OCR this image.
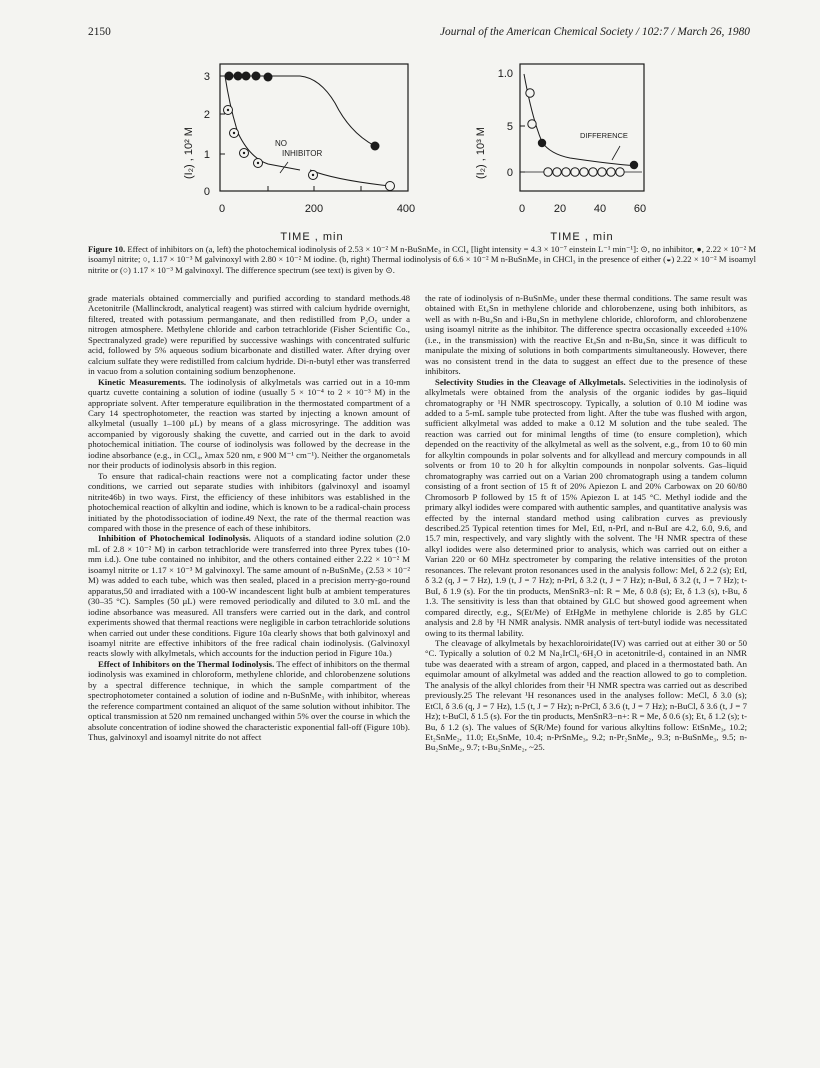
2150	Journal of the American Chemical Society / 102:7 / March 26, 1980
(I₂) , 10² M
3
2
1
0
0	200	400
TIME , min
NO
INHIBITOR	(I₂) , 10³ M
1.0
5
0
0	20	40	60
TIME , min
DIFFERENCE
Figure 10. Effect of inhibitors on (a, left) the photochemical iodinolysis of 2.53 × 10⁻² M n-BuSnMe₃ in CCl₄ [light intensity = 4.3 × 10⁻⁷ einstein L⁻¹ min⁻¹]: ⊙, no inhibitor, ●, 2.22 × 10⁻² M isoamyl nitrite; ○, 1.17 × 10⁻³ M galvinoxyl with 2.80 × 10⁻² M iodine. (b, right) Thermal iodinolysis of 6.6 × 10⁻² M n-BuSnMe₃ in CHCl₃ in the presence of either (◒) 2.22 × 10⁻² M isoamyl nitrite or (○) 1.17 × 10⁻³ M galvinoxyl. The difference spectrum (see text) is given by ⊙.

grade materials obtained commercially and purified according to standard methods.48 Acetonitrile (Mallinckrodt, analytical reagent) was stirred with calcium hydride overnight, filtered, treated with potassium permanganate, and then redistilled from P₂O₅ under a nitrogen atmosphere. Methylene chloride and carbon tetrachloride (Fisher Scientific Co., Spectranalyzed grade) were repurified by successive washings with concentrated sulfuric acid, followed by 5% aqueous sodium bicarbonate and distilled water. After drying over calcium sulfate they were redistilled from calcium hydride. Di-n-butyl ether was transferred in vacuo from a solution containing sodium benzophenone.

Kinetic Measurements. The iodinolysis of alkylmetals was carried out in a 10-mm quartz cuvette containing a solution of iodine (usually 5 × 10⁻⁴ to 2 × 10⁻³ M) in the appropriate solvent. After temperature equilibration in the thermostated compartment of a Cary 14 spectrophotometer, the reaction was started by injecting a known amount of alkylmetal (usually 1–100 μL) by means of a glass microsyringe. The addition was accompanied by vigorously shaking the cuvette, and carried out in the dark to avoid photochemical initiation. The course of iodinolysis was followed by the decrease in the iodine absorbance (e.g., in CCl₄, λmax 520 nm, ε 900 M⁻¹ cm⁻¹). Neither the organometals nor their products of iodinolysis absorb in this region.

To ensure that radical-chain reactions were not a complicating factor under these conditions, we carried out separate studies with inhibitors (galvinoxyl and isoamyl nitrite46b) in two ways. First, the efficiency of these inhibitors was established in the photochemical reaction of alkyltin and iodine, which is known to be a radical-chain process initiated by the photodissociation of iodine.49 Next, the rate of the thermal reaction was compared with those in the presence of each of these inhibitors.

Inhibition of Photochemical Iodinolysis. Aliquots of a standard iodine solution (2.0 mL of 2.8 × 10⁻² M) in carbon tetrachloride were transferred into three Pyrex tubes (10-mm i.d.). One tube contained no inhibitor, and the others contained either 2.22 × 10⁻² M isoamyl nitrite or 1.17 × 10⁻³ M galvinoxyl. The same amount of n-BuSnMe₃ (2.53 × 10⁻² M) was added to each tube, which was then sealed, placed in a precision merry-go-round apparatus,50 and irradiated with a 100-W incandescent light bulb at ambient temperatures (30–35 °C). Samples (50 μL) were removed periodically and diluted to 3.0 mL and the iodine absorbance was measured. All transfers were carried out in the dark, and control experiments showed that thermal reactions were negligible in carbon tetrachloride solutions when carried out under these conditions. Figure 10a clearly shows that both galvinoxyl and isoamyl nitrite are effective inhibitors of the free radical chain iodinolysis. (Galvinoxyl reacts slowly with alkylmetals, which accounts for the induction period in Figure 10a.)

Effect of Inhibitors on the Thermal Iodinolysis. The effect of inhibitors on the thermal iodinolysis was examined in chloroform, methylene chloride, and chlorobenzene solutions by a spectral difference technique, in which the sample compartment of the spectrophotometer contained a solution of iodine and n-BuSnMe₃ with inhibitor, whereas the reference compartment contained an aliquot of the same solution without inhibitor. The optical transmission at 520 nm remained unchanged within 5% over the course in which the absolute concentration of iodine showed the characteristic exponential fall-off (Figure 10b). Thus, galvinoxyl and isoamyl nitrite do not affect

the rate of iodinolysis of n-BuSnMe₃ under these thermal conditions. The same result was obtained with Et₄Sn in methylene chloride and chlorobenzene, using both inhibitors, as well as with n-Bu₄Sn and i-Bu₄Sn in methylene chloride, chloroform, and chlorobenzene using isoamyl nitrite as the inhibitor. The difference spectra occasionally exceeded ±10% (i.e., in the transmission) with the reactive Et₄Sn and n-Bu₄Sn, since it was difficult to manipulate the mixing of solutions in both compartments simultaneously. However, there was no consistent trend in the data to suggest an effect due to the presence of these inhibitors.

Selectivity Studies in the Cleavage of Alkylmetals. Selectivities in the iodinolysis of alkylmetals were obtained from the analysis of the organic iodides by gas–liquid chromatography or ¹H NMR spectroscopy. Typically, a solution of 0.10 M iodine was added to a 5-mL sample tube protected from light. After the tube was flushed with argon, sufficient alkylmetal was added to make a 0.12 M solution and the tube sealed. The reaction was carried out for minimal lengths of time (to ensure completion), which depended on the reactivity of the alkylmetal as well as the solvent, e.g., from 10 to 60 min for alkyltin compounds in polar solvents and for alkyllead and mercury compounds in all solvents or from 10 to 20 h for alkyltin compounds in nonpolar solvents. Gas–liquid chromatography was carried out on a Varian 200 chromatograph using a tandem column consisting of a front section of 15 ft of 20% Apiezon L and 20% Carbowax on 20 60/80 Chromosorb P followed by 15 ft of 15% Apiezon L at 145 °C. Methyl iodide and the primary alkyl iodides were compared with authentic samples, and quantitative analysis was effected by the internal standard method using calibration curves as previously described.25 Typical retention times for MeI, EtI, n-PrI, and n-BuI are 4.2, 6.0, 9.6, and 15.7 min, respectively, and vary slightly with the solvent. The ¹H NMR spectra of these alkyl iodides were also determined prior to analysis, which was carried out on either a Varian 220 or 60 MHz spectrometer by comparing the relative intensities of the proton resonances. The relevant proton resonances used in the analysis follow: MeI, δ 2.2 (s); EtI, δ 3.2 (q, J = 7 Hz), 1.9 (t, J = 7 Hz); n-PrI, δ 3.2 (t, J = 7 Hz); n-BuI, δ 3.2 (t, J = 7 Hz); t-BuI, δ 1.9 (s). For the tin products, MenSnR3−nI: R = Me, δ 0.8 (s); Et, δ 1.3 (s), t-Bu, δ 1.3. The sensitivity is less than that obtained by GLC but showed good agreement when compared directly, e.g., S(Et/Me) of EtHgMe in methylene chloride is 2.85 by GLC analysis and 2.8 by ¹H NMR analysis. NMR analysis of tert-butyl iodide was necessitated owing to its thermal lability.

The cleavage of alkylmetals by hexachloroiridate(IV) was carried out at either 30 or 50 °C. Typically a solution of 0.2 M Na₂IrCl₆·6H₂O in acetonitrile-d₃ contained in an NMR tube was deaerated with a stream of argon, capped, and placed in a thermostated bath. An equimolar amount of alkylmetal was added and the reaction allowed to go to completion. The analysis of the alkyl chlorides from their ¹H NMR spectra was carried out as described previously.25 The relevant ¹H resonances used in the analyses follow: MeCl, δ 3.0 (s); EtCl, δ 3.6 (q, J = 7 Hz), 1.5 (t, J = 7 Hz); n-PrCl, δ 3.6 (t, J = 7 Hz); n-BuCl, δ 3.6 (t, J = 7 Hz); t-BuCl, δ 1.5 (s). For the tin products, MenSnR3−n+: R = Me, δ 0.6 (s); Et, δ 1.2 (s); t-Bu, δ 1.2 (s). The values of S(R/Me) found for various alkyltins follow: EtSnMe₃, 10.2; Et₂SnMe₂, 11.0; Et₃SnMe, 10.4; n-PrSnMe₃, 9.2; n-Pr₂SnMe₂, 9.3; n-BuSnMe₃, 9.5; n-Bu₂SnMe₂, 9.7; t-Bu₂SnMe₂, ~25.
